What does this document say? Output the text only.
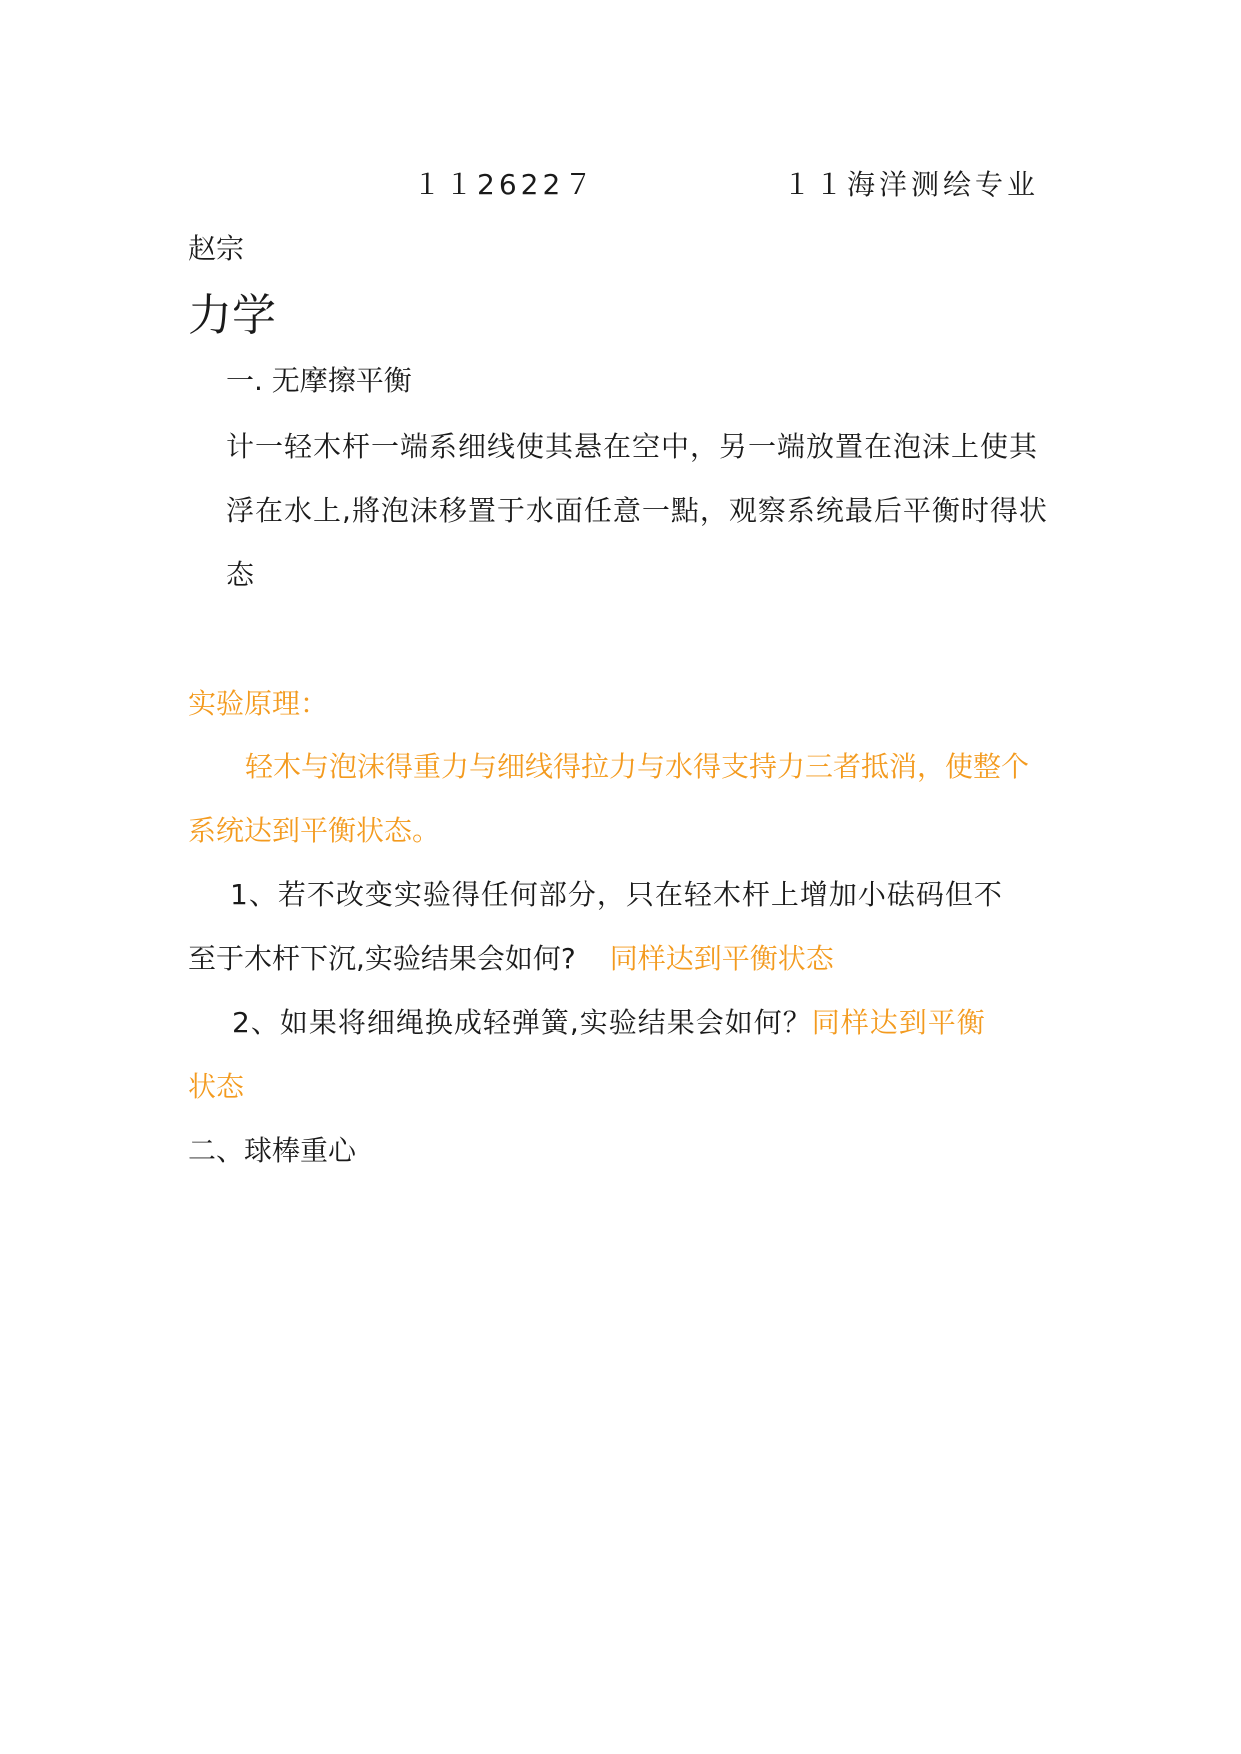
１１2622７	１１海洋测绘专业
赵宗
力学
一. 无摩擦平衡
计一轻木杆一端系细线使其悬在空中，另一端放置在泡沫上使其
浮在水上,將泡沫移置于水面任意一點，观察系统最后平衡时得状
态
实验原理：
轻木与泡沫得重力与细线得拉力与水得支持力三者抵消，使整个
系统达到平衡状态。
1、若不改变实验得任何部分，只在轻木杆上增加小砝码但不
至于木杆下沉,实验结果会如何? 同样达到平衡状态
2、如果将细绳换成轻弹簧,实验结果会如何？同样达到平衡
状态
二、球棒重心
